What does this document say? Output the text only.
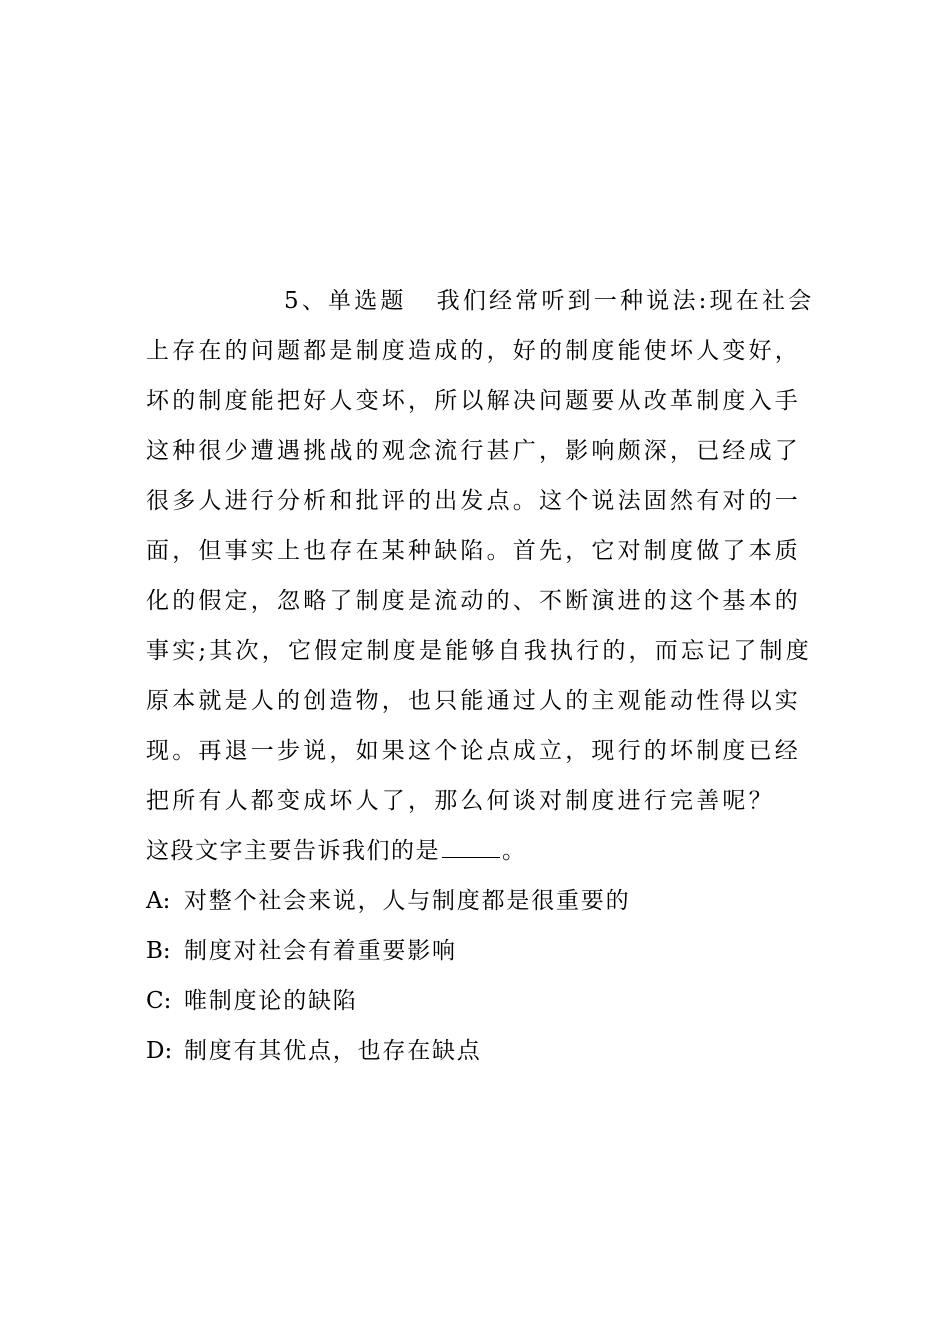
5、单选题 我们经常听到一种说法:现在社会
上存在的问题都是制度造成的，好的制度能使坏人变好，
坏的制度能把好人变坏，所以解决问题要从改革制度入手
这种很少遭遇挑战的观念流行甚广，影响颇深，已经成了
很多人进行分析和批评的出发点。这个说法固然有对的一
面，但事实上也存在某种缺陷。首先，它对制度做了本质
化的假定，忽略了制度是流动的、不断演进的这个基本的
事实;其次，它假定制度是能够自我执行的，而忘记了制度
原本就是人的创造物，也只能通过人的主观能动性得以实
现。再退一步说，如果这个论点成立，现行的坏制度已经
把所有人都变成坏人了，那么何谈对制度进行完善呢？
这段文字主要告诉我们的是	。
A: 对整个社会来说，人与制度都是很重要的
B: 制度对社会有着重要影响
C: 唯制度论的缺陷
D: 制度有其优点，也存在缺点
